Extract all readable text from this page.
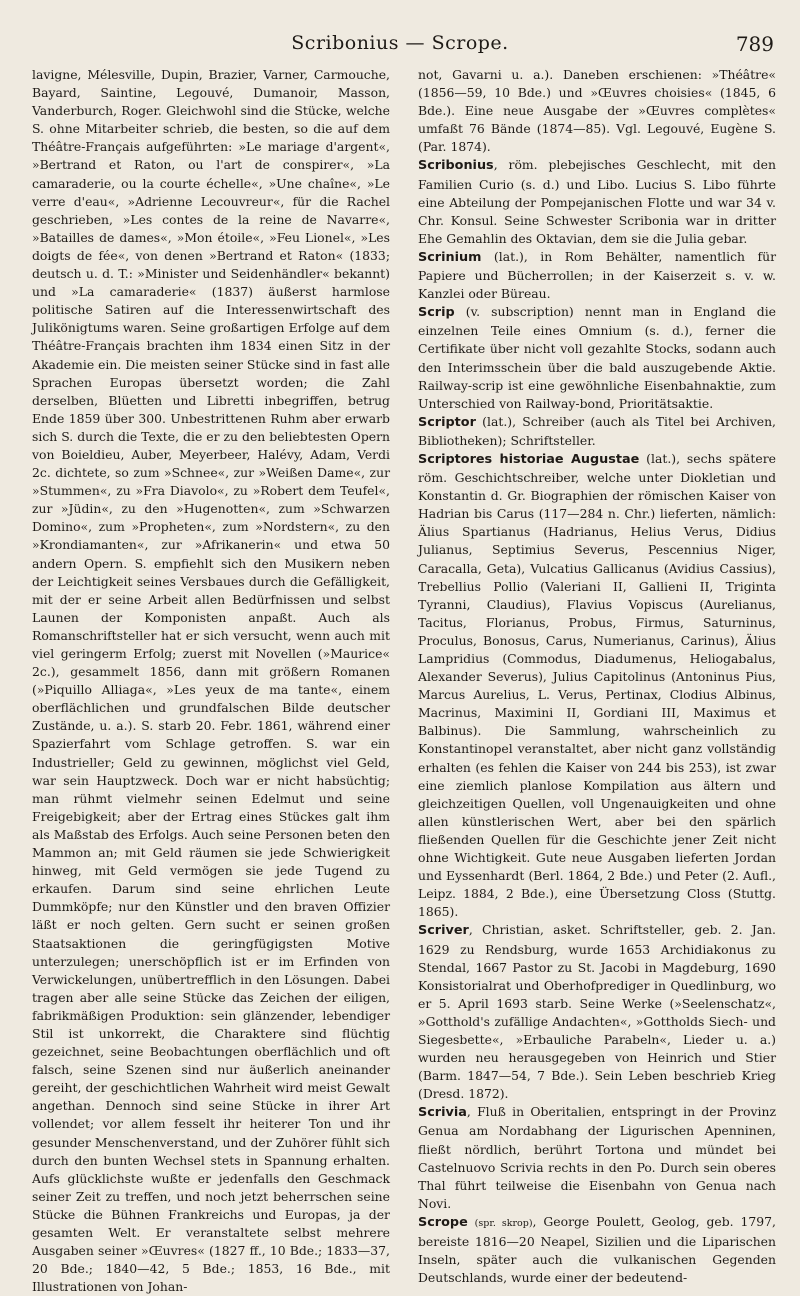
Scribonius — Scrope.	789

lavigne, Mélesville, Dupin, Brazier, Varner, Carmouche, Bayard, Saintine, Legouvé, Dumanoir, Masson, Vanderburch, Roger. Gleichwohl sind die Stücke, welche S. ohne Mitarbeiter schrieb, die besten, so die auf dem Théâtre-Français aufgeführten: »Le mariage d'argent«, »Bertrand et Raton, ou l'art de conspirer«, »La camaraderie, ou la courte échelle«, »Une chaîne«, »Le verre d'eau«, »Adrienne Lecouvreur«, für die Rachel geschrieben, »Les contes de la reine de Navarre«, »Batailles de dames«, »Mon étoile«, »Feu Lionel«, »Les doigts de fée«, von denen »Bertrand et Raton« (1833; deutsch u. d. T.: »Minister und Seidenhändler« bekannt) und »La camaraderie« (1837) äußerst harmlose politische Satiren auf die Interessenwirtschaft des Julikönigtums waren. Seine großartigen Erfolge auf dem Théâtre-Français brachten ihm 1834 einen Sitz in der Akademie ein. Die meisten seiner Stücke sind in fast alle Sprachen Europas übersetzt worden; die Zahl derselben, Blüetten und Libretti inbegriffen, betrug Ende 1859 über 300. Unbestrittenen Ruhm aber erwarb sich S. durch die Texte, die er zu den beliebtesten Opern von Boieldieu, Auber, Meyerbeer, Halévy, Adam, Verdi 2c. dichtete, so zum »Schnee«, zur »Weißen Dame«, zur »Stummen«, zu »Fra Diavolo«, zu »Robert dem Teufel«, zur »Jüdin«, zu den »Hugenotten«, zum »Schwarzen Domino«, zum »Propheten«, zum »Nordstern«, zu den »Krondiamanten«, zur »Afrikanerin« und etwa 50 andern Opern. S. empfiehlt sich den Musikern neben der Leichtigkeit seines Versbaues durch die Gefälligkeit, mit der er seine Arbeit allen Bedürfnissen und selbst Launen der Komponisten anpaßt. Auch als Romanschriftsteller hat er sich versucht, wenn auch mit viel geringerm Erfolg; zuerst mit Novellen (»Maurice« 2c.), gesammelt 1856, dann mit größern Romanen (»Piquillo Alliaga«, »Les yeux de ma tante«, einem oberflächlichen und grundfalschen Bilde deutscher Zustände, u. a.). S. starb 20. Febr. 1861, während einer Spazierfahrt vom Schlage getroffen. S. war ein Industrieller; Geld zu gewinnen, möglichst viel Geld, war sein Hauptzweck. Doch war er nicht habsüchtig; man rühmt vielmehr seinen Edelmut und seine Freigebigkeit; aber der Ertrag eines Stückes galt ihm als Maßstab des Erfolgs. Auch seine Personen beten den Mammon an; mit Geld räumen sie jede Schwierigkeit hinweg, mit Geld vermögen sie jede Tugend zu erkaufen. Darum sind seine ehrlichen Leute Dummköpfe; nur den Künstler und den braven Offizier läßt er noch gelten. Gern sucht er seinen großen Staatsaktionen die geringfügigsten Motive unterzulegen; unerschöpflich ist er im Erfinden von Verwickelungen, unübertrefflich in den Lösungen. Dabei tragen aber alle seine Stücke das Zeichen der eiligen, fabrikmäßigen Produktion: sein glänzender, lebendiger Stil ist unkorrekt, die Charaktere sind flüchtig gezeichnet, seine Beobachtungen oberflächlich und oft falsch, seine Szenen sind nur äußerlich aneinander gereiht, der geschichtlichen Wahrheit wird meist Gewalt angethan. Dennoch sind seine Stücke in ihrer Art vollendet; vor allem fesselt ihr heiterer Ton und ihr gesunder Menschenverstand, und der Zuhörer fühlt sich durch den bunten Wechsel stets in Spannung erhalten. Aufs glücklichste wußte er jedenfalls den Geschmack seiner Zeit zu treffen, und noch jetzt beherrschen seine Stücke die Bühnen Frankreichs und Europas, ja der gesamten Welt. Er veranstaltete selbst mehrere Ausgaben seiner »Œuvres« (1827 ff., 10 Bde.; 1833—37, 20 Bde.; 1840—42, 5 Bde.; 1853, 16 Bde., mit Illustrationen von Johan-

not, Gavarni u. a.). Daneben erschienen: »Théâtre« (1856—59, 10 Bde.) und »Œuvres choisies« (1845, 6 Bde.). Eine neue Ausgabe der »Œuvres complètes« umfaßt 76 Bände (1874—85). Vgl. Legouvé, Eugène S. (Par. 1874).

Scribonius, röm. plebejisches Geschlecht, mit den Familien Curio (s. d.) und Libo. Lucius S. Libo führte eine Abteilung der Pompejanischen Flotte und war 34 v. Chr. Konsul. Seine Schwester Scribonia war in dritter Ehe Gemahlin des Oktavian, dem sie die Julia gebar.

Scrinium (lat.), in Rom Behälter, namentlich für Papiere und Bücherrollen; in der Kaiserzeit s. v. w. Kanzlei oder Büreau.

Scrip (v. subscription) nennt man in England die einzelnen Teile eines Omnium (s. d.), ferner die Certifikate über nicht voll gezahlte Stocks, sodann auch den Interimsschein über die bald auszugebende Aktie. Railway-scrip ist eine gewöhnliche Eisenbahnaktie, zum Unterschied von Railway-bond, Prioritätsaktie.

Scriptor (lat.), Schreiber (auch als Titel bei Archiven, Bibliotheken); Schriftsteller.

Scriptores historiae Augustae (lat.), sechs spätere röm. Geschichtschreiber, welche unter Diokletian und Konstantin d. Gr. Biographien der römischen Kaiser von Hadrian bis Carus (117—284 n. Chr.) lieferten, nämlich: Älius Spartianus (Hadrianus, Helius Verus, Didius Julianus, Septimius Severus, Pescennius Niger, Caracalla, Geta), Vulcatius Gallicanus (Avidius Cassius), Trebellius Pollio (Valeriani II, Gallieni II, Triginta Tyranni, Claudius), Flavius Vopiscus (Aurelianus, Tacitus, Florianus, Probus, Firmus, Saturninus, Proculus, Bonosus, Carus, Numerianus, Carinus), Älius Lampridius (Commodus, Diadumenus, Heliogabalus, Alexander Severus), Julius Capitolinus (Antoninus Pius, Marcus Aurelius, L. Verus, Pertinax, Clodius Albinus, Macrinus, Maximini II, Gordiani III, Maximus et Balbinus). Die Sammlung, wahrscheinlich zu Konstantinopel veranstaltet, aber nicht ganz vollständig erhalten (es fehlen die Kaiser von 244 bis 253), ist zwar eine ziemlich planlose Kompilation aus ältern und gleichzeitigen Quellen, voll Ungenauigkeiten und ohne allen künstlerischen Wert, aber bei den spärlich fließenden Quellen für die Geschichte jener Zeit nicht ohne Wichtigkeit. Gute neue Ausgaben lieferten Jordan und Eyssenhardt (Berl. 1864, 2 Bde.) und Peter (2. Aufl., Leipz. 1884, 2 Bde.), eine Übersetzung Closs (Stuttg. 1865).

Scriver, Christian, asket. Schriftsteller, geb. 2. Jan. 1629 zu Rendsburg, wurde 1653 Archidiakonus zu Stendal, 1667 Pastor zu St. Jacobi in Magdeburg, 1690 Konsistorialrat und Oberhofprediger in Quedlinburg, wo er 5. April 1693 starb. Seine Werke (»Seelenschatz«, »Gotthold's zufällige Andachten«, »Gottholds Siech- und Siegesbette«, »Erbauliche Parabeln«, Lieder u. a.) wurden neu herausgegeben von Heinrich und Stier (Barm. 1847—54, 7 Bde.). Sein Leben beschrieb Krieg (Dresd. 1872).

Scrivia, Fluß in Oberitalien, entspringt in der Provinz Genua am Nordabhang der Ligurischen Apenninen, fließt nördlich, berührt Tortona und mündet bei Castelnuovo Scrivia rechts in den Po. Durch sein oberes Thal führt teilweise die Eisenbahn von Genua nach Novi.

Scrope (spr. skrop), George Poulett, Geolog, geb. 1797, bereiste 1816—20 Neapel, Sizilien und die Liparischen Inseln, später auch die vulkanischen Gegenden Deutschlands, wurde einer der bedeutend-
